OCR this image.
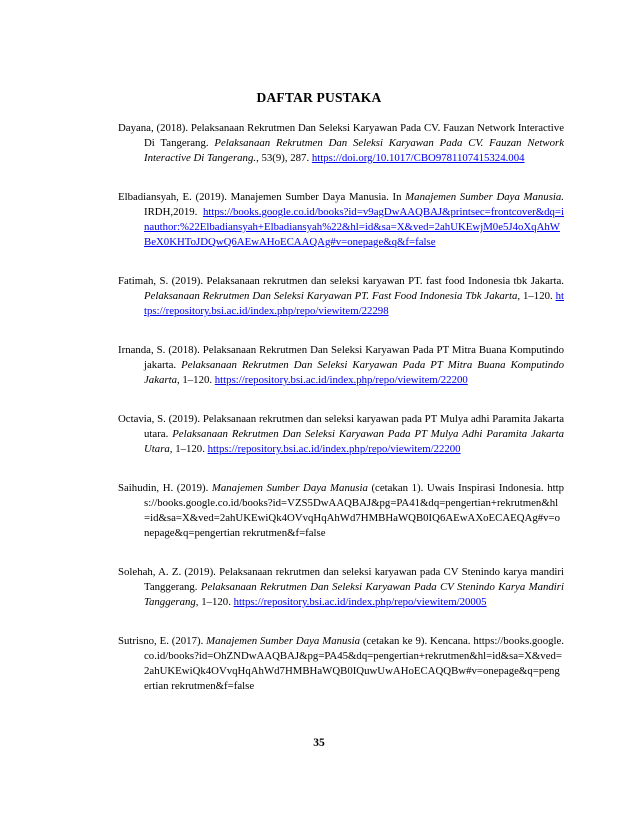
DAFTAR PUSTAKA

Dayana, (2018). Pelaksanaan Rekrutmen Dan Seleksi Karyawan Pada CV. Fauzan Network Interactive Di Tangerang. Pelaksanaan Rekrutmen Dan Seleksi Karyawan Pada CV. Fauzan Network Interactive Di Tangerang., 53(9), 287. https://doi.org/10.1017/CBO9781107415324.004

Elbadiansyah, E. (2019). Manajemen Sumber Daya Manusia. In Manajemen Sumber Daya Manusia. IRDH,2019. https://books.google.co.id/books?id=v9agDwAAQBAJ&printsec=frontcover&dq=inauthor:%22Elbadiansyah+Elbadiansyah%22&hl=id&sa=X&ved=2ahUKEwjM0e5J4oXqAhWBeX0KHToJDQwQ6AEwAHoECAAQAg#v=onepage&q&f=false

Fatimah, S. (2019). Pelaksanaan rekrutmen dan seleksi karyawan PT. fast food Indonesia tbk Jakarta. Pelaksanaan Rekrutmen Dan Seleksi Karyawan PT. Fast Food Indonesia Tbk Jakarta, 1–120. https://repository.bsi.ac.id/index.php/repo/viewitem/22298

Irnanda, S. (2018). Pelaksanaan Rekrutmen Dan Seleksi Karyawan Pada PT Mitra Buana Komputindo jakarta. Pelaksanaan Rekrutmen Dan Seleksi Karyawan Pada PT Mitra Buana Komputindo Jakarta, 1–120. https://repository.bsi.ac.id/index.php/repo/viewitem/22200

Octavia, S. (2019). Pelaksanaan rekrutmen dan seleksi karyawan pada PT Mulya adhi Paramita Jakarta utara. Pelaksanaan Rekrutmen Dan Seleksi Karyawan Pada PT Mulya Adhi Paramita Jakarta Utara, 1–120. https://repository.bsi.ac.id/index.php/repo/viewitem/22200

Saihudin, H. (2019). Manajemen Sumber Daya Manusia (cetakan 1). Uwais Inspirasi Indonesia. https://books.google.co.id/books?id=VZS5DwAAQBAJ&pg=PA41&dq=pengertian+rekrutmen&hl=id&sa=X&ved=2ahUKEwiQk4OVvqHqAhWd7HMBHaWQB0IQ6AEwAXoECAEQAg#v=onepage&q=pengertian rekrutmen&f=false

Solehah, A. Z. (2019). Pelaksanaan rekrutmen dan seleksi karyawan pada CV Stenindo karya mandiri Tanggerang. Pelaksanaan Rekrutmen Dan Seleksi Karyawan Pada CV Stenindo Karya Mandiri Tanggerang, 1–120. https://repository.bsi.ac.id/index.php/repo/viewitem/20005

Sutrisno, E. (2017). Manajemen Sumber Daya Manusia (cetakan ke 9). Kencana. https://books.google.co.id/books?id=OhZNDwAAQBAJ&pg=PA45&dq=pengertian+rekrutmen&hl=id&sa=X&ved=2ahUKEwiQk4OVvqHqAhWd7HMBHaWQB0IQuwUwAHoECAQQBw#v=onepage&q=pengertian rekrutmen&f=false

35
